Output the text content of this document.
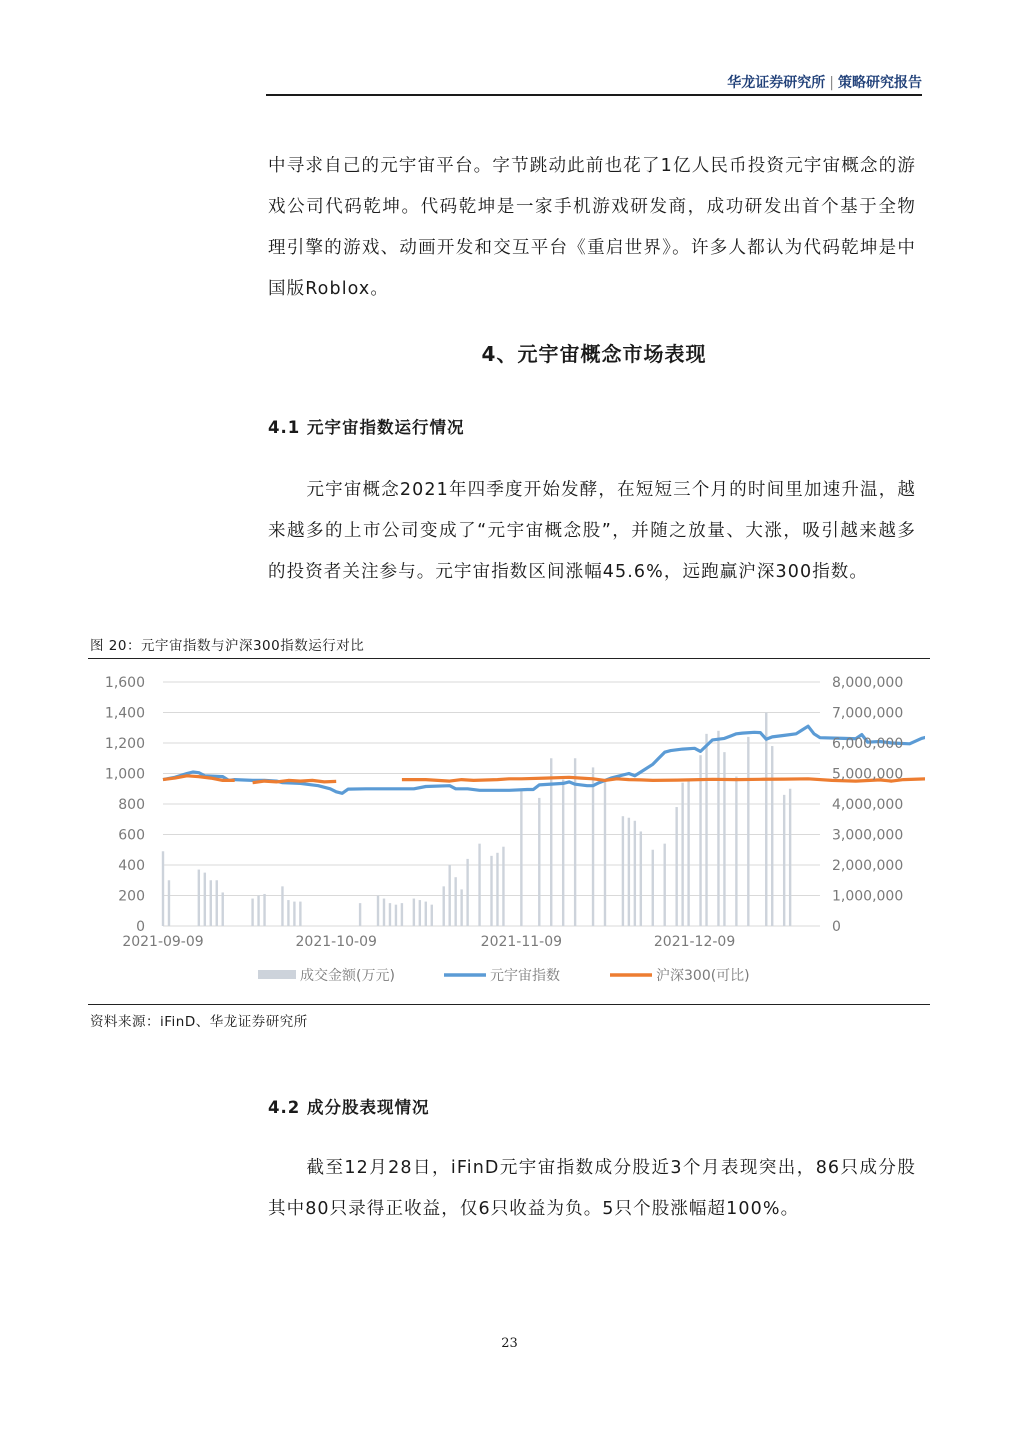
华龙证券研究所 | 策略研究报告
中寻求自己的元宇宙平台。字节跳动此前也花了1亿人民币投资元宇宙概念的游戏公司代码乾坤。代码乾坤是一家手机游戏研发商，成功研发出首个基于全物理引擎的游戏、动画开发和交互平台《重启世界》。许多人都认为代码乾坤是中国版Roblox。
4、元宇宙概念市场表现
4.1 元宇宙指数运行情况
元宇宙概念2021年四季度开始发酵，在短短三个月的时间里加速升温，越来越多的上市公司变成了“元宇宙概念股”，并随之放量、大涨，吸引越来越多的投资者关注参与。元宇宙指数区间涨幅45.6%，远跑赢沪深300指数。
图 20：元宇宙指数与沪深300指数运行对比
1,600
1,400
1,200
1,000
800
600
400
200
0
8,000,000
7,000,000
6,000,000
5,000,000
4,000,000
3,000,000
2,000,000
1,000,000
0
2021-09-09	2021-10-09	2021-11-09	2021-12-09
成交金额(万元)	元宇宙指数	沪深300(可比)
资料来源：iFinD、华龙证券研究所
4.2 成分股表现情况
截至12月28日，iFinD元宇宙指数成分股近3个月表现突出，86只成分股其中80只录得正收益，仅6只收益为负。5只个股涨幅超100%。
23
